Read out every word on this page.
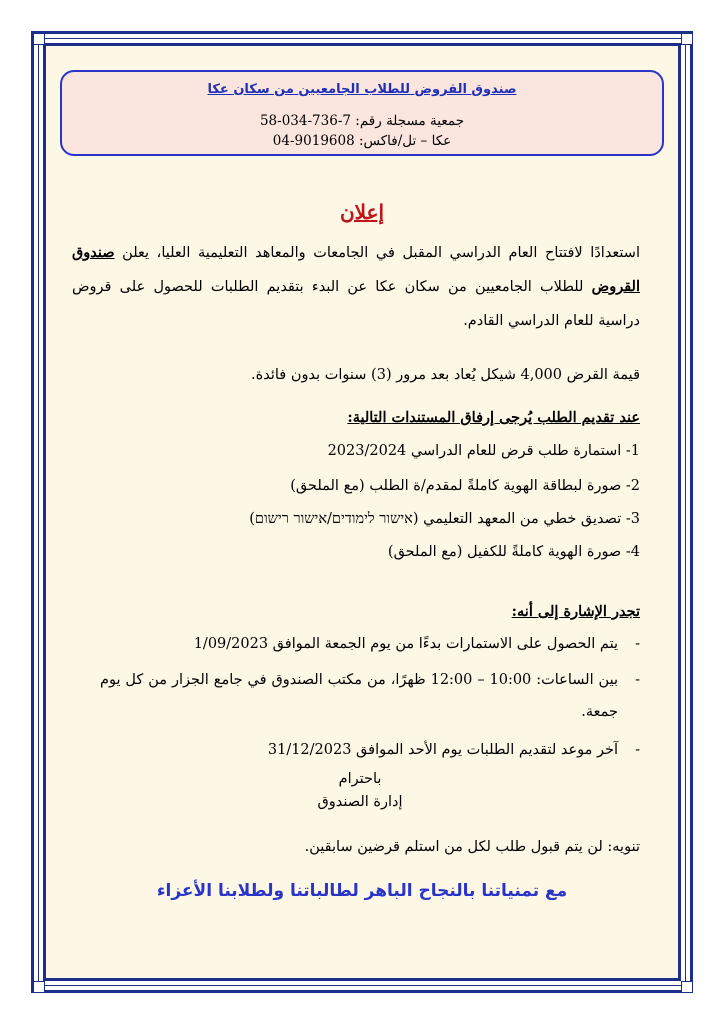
صندوق القروض للطلاب الجامعيين من سكان عكا
جمعية مسجلة رقم: 7-736-034-58
عكا – تل/فاكس: 9019608-04
إعلان
استعدادًا لافتتاح العام الدراسي المقبل في الجامعات والمعاهد التعليمية العليا، يعلن صندوق القروض للطلاب الجامعيين من سكان عكا عن البدء بتقديم الطلبات للحصول على قروض دراسية للعام الدراسي القادم.
قيمة القرض 4,000 شيكل يُعاد بعد مرور (3) سنوات بدون فائدة.
عند تقديم الطلب يُرجى إرفاق المستندات التالية:
1- استمارة طلب قرض للعام الدراسي 2023/2024
2- صورة لبطاقة الهوية كاملةً لمقدم/ة الطلب (مع الملحق)
3- تصديق خطي من المعهد التعليمي (אישור לימודים/אישור רישום)
4- صورة الهوية كاملةً للكفيل (مع الملحق)
تجدر الإشارة إلى أنه:
-
يتم الحصول على الاستمارات بدءًا من يوم الجمعة الموافق 1/09/2023
-
بين الساعات: 10:00 – 12:00 ظهرًا، من مكتب الصندوق في جامع الجزار من كل يوم جمعة.
-
آخر موعد لتقديم الطلبات يوم الأحد الموافق 31/12/2023
باحترام
إدارة الصندوق
تنويه: لن يتم قبول طلب لكل من استلم قرضين سابقين.
مع تمنياتنا بالنجاح الباهر لطالباتنا ولطلابنا الأعزاء
